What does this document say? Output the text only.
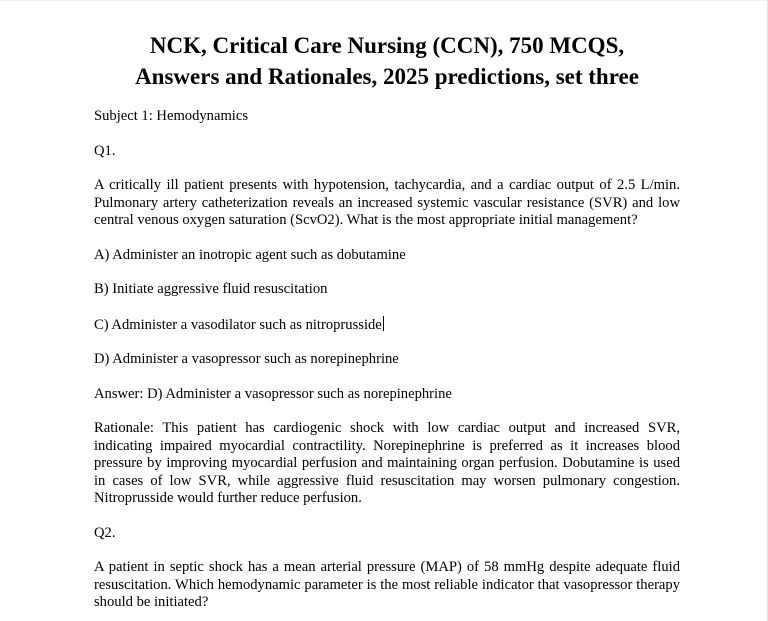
NCK, Critical Care Nursing (CCN), 750 MCQS,
Answers and Rationales, 2025 predictions, set three

Subject 1: Hemodynamics

Q1.

A critically ill patient presents with hypotension, tachycardia, and a cardiac output of 2.5 L/min. Pulmonary artery catheterization reveals an increased systemic vascular resistance (SVR) and low central venous oxygen saturation (ScvO2). What is the most appropriate initial management?

A) Administer an inotropic agent such as dobutamine

B) Initiate aggressive fluid resuscitation

C) Administer a vasodilator such as nitroprusside

D) Administer a vasopressor such as norepinephrine

Answer: D) Administer a vasopressor such as norepinephrine

Rationale: This patient has cardiogenic shock with low cardiac output and increased SVR, indicating impaired myocardial contractility. Norepinephrine is preferred as it increases blood pressure by improving myocardial perfusion and maintaining organ perfusion. Dobutamine is used in cases of low SVR, while aggressive fluid resuscitation may worsen pulmonary congestion. Nitroprusside would further reduce perfusion.

Q2.

A patient in septic shock has a mean arterial pressure (MAP) of 58 mmHg despite adequate fluid resuscitation. Which hemodynamic parameter is the most reliable indicator that vasopressor therapy should be initiated?
